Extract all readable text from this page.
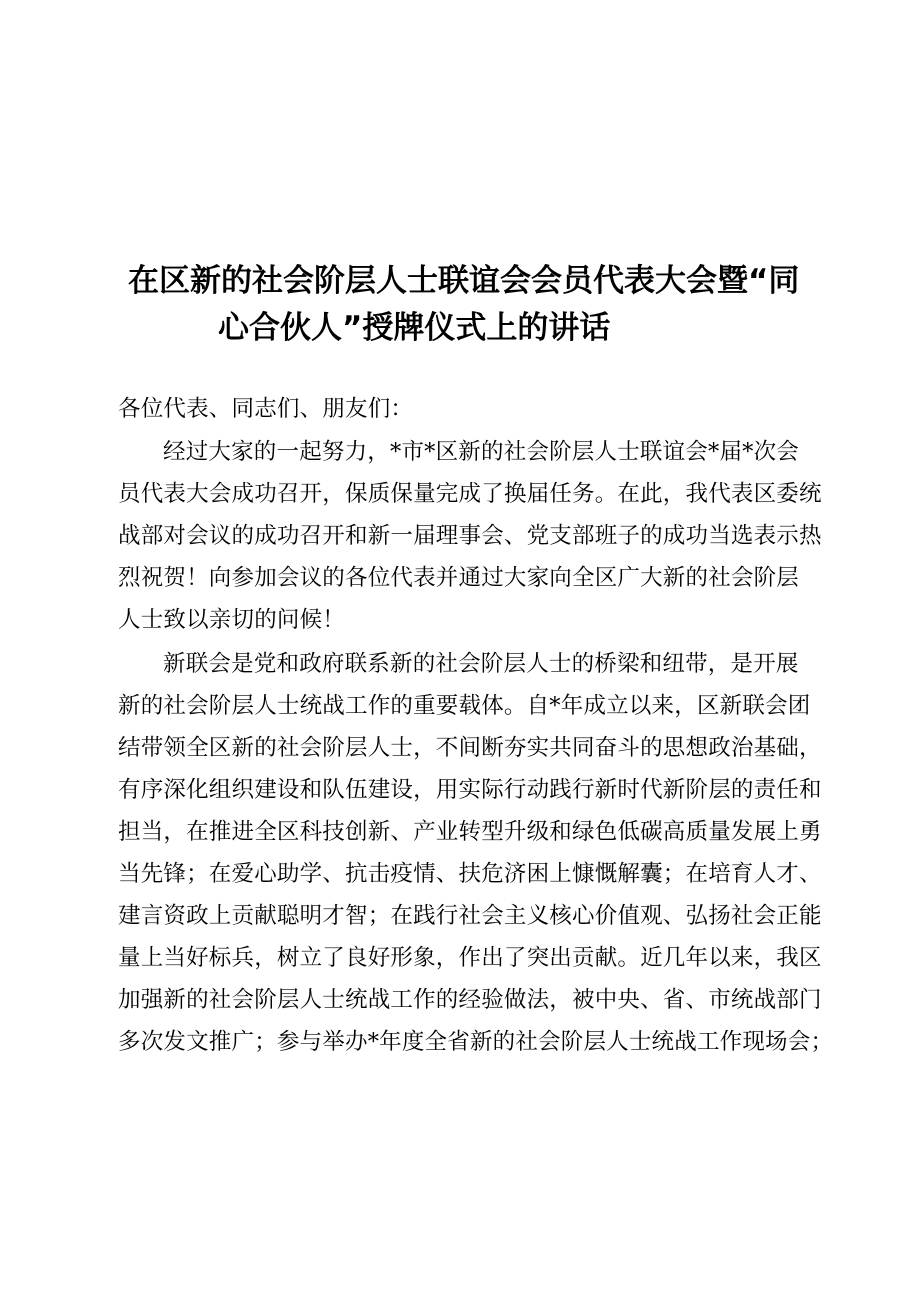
在区新的社会阶层人士联谊会会员代表大会暨“同
心合伙人”授牌仪式上的讲话
各位代表、同志们、朋友们：
经过大家的一起努力，*市*区新的社会阶层人士联谊会*届*次会
员代表大会成功召开，保质保量完成了换届任务。在此，我代表区委统
战部对会议的成功召开和新一届理事会、党支部班子的成功当选表示热
烈祝贺！向参加会议的各位代表并通过大家向全区广大新的社会阶层
人士致以亲切的问候！
新联会是党和政府联系新的社会阶层人士的桥梁和纽带，是开展
新的社会阶层人士统战工作的重要载体。自*年成立以来，区新联会团
结带领全区新的社会阶层人士，不间断夯实共同奋斗的思想政治基础，
有序深化组织建设和队伍建设，用实际行动践行新时代新阶层的责任和
担当，在推进全区科技创新、产业转型升级和绿色低碳高质量发展上勇
当先锋；在爱心助学、抗击疫情、扶危济困上慷慨解囊；在培育人才、
建言资政上贡献聪明才智；在践行社会主义核心价值观、弘扬社会正能
量上当好标兵，树立了良好形象，作出了突出贡献。近几年以来，我区
加强新的社会阶层人士统战工作的经验做法，被中央、省、市统战部门
多次发文推广；参与举办*年度全省新的社会阶层人士统战工作现场会；
